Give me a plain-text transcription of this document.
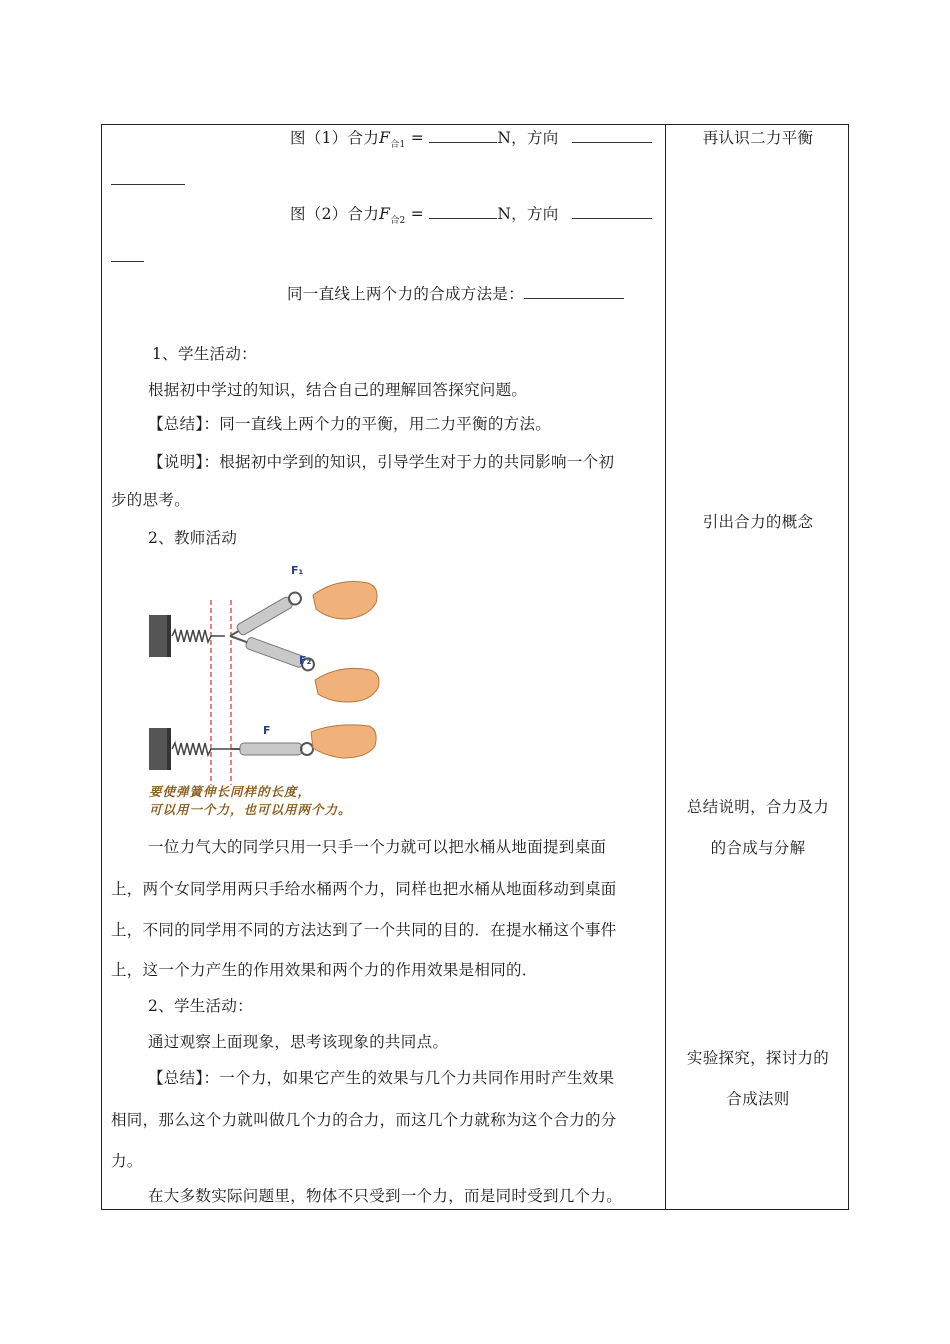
图（1）合力$F_{合1}$ =	N，方向
图（2）合力$F_{合2}$ =	N，方向
同一直线上两个力的合成方法是：
1、学生活动：
根据初中学过的知识，结合自己的理解回答探究问题。
【总结】：同一直线上两个力的平衡，用二力平衡的方法。
【说明】：根据初中学到的知识，引导学生对于力的共同影响一个初
步的思考。
2、教师活动
F₁
F₂
F
要使弹簧伸长同样的长度，
可以用一个力，也可以用两个力。
一位力气大的同学只用一只手一个力就可以把水桶从地面提到桌面
上，两个女同学用两只手给水桶两个力，同样也把水桶从地面移动到桌面
上，不同的同学用不同的方法达到了一个共同的目的．在提水桶这个事件
上，这一个力产生的作用效果和两个力的作用效果是相同的．
2、学生活动：
通过观察上面现象，思考该现象的共同点。
【总结】：一个力，如果它产生的效果与几个力共同作用时产生效果
相同，那么这个力就叫做几个力的合力，而这几个力就称为这个合力的分
力。
在大多数实际问题里，物体不只受到一个力，而是同时受到几个力。
再认识二力平衡
引出合力的概念
总结说明，合力及力
的合成与分解
实验探究，探讨力的
合成法则
